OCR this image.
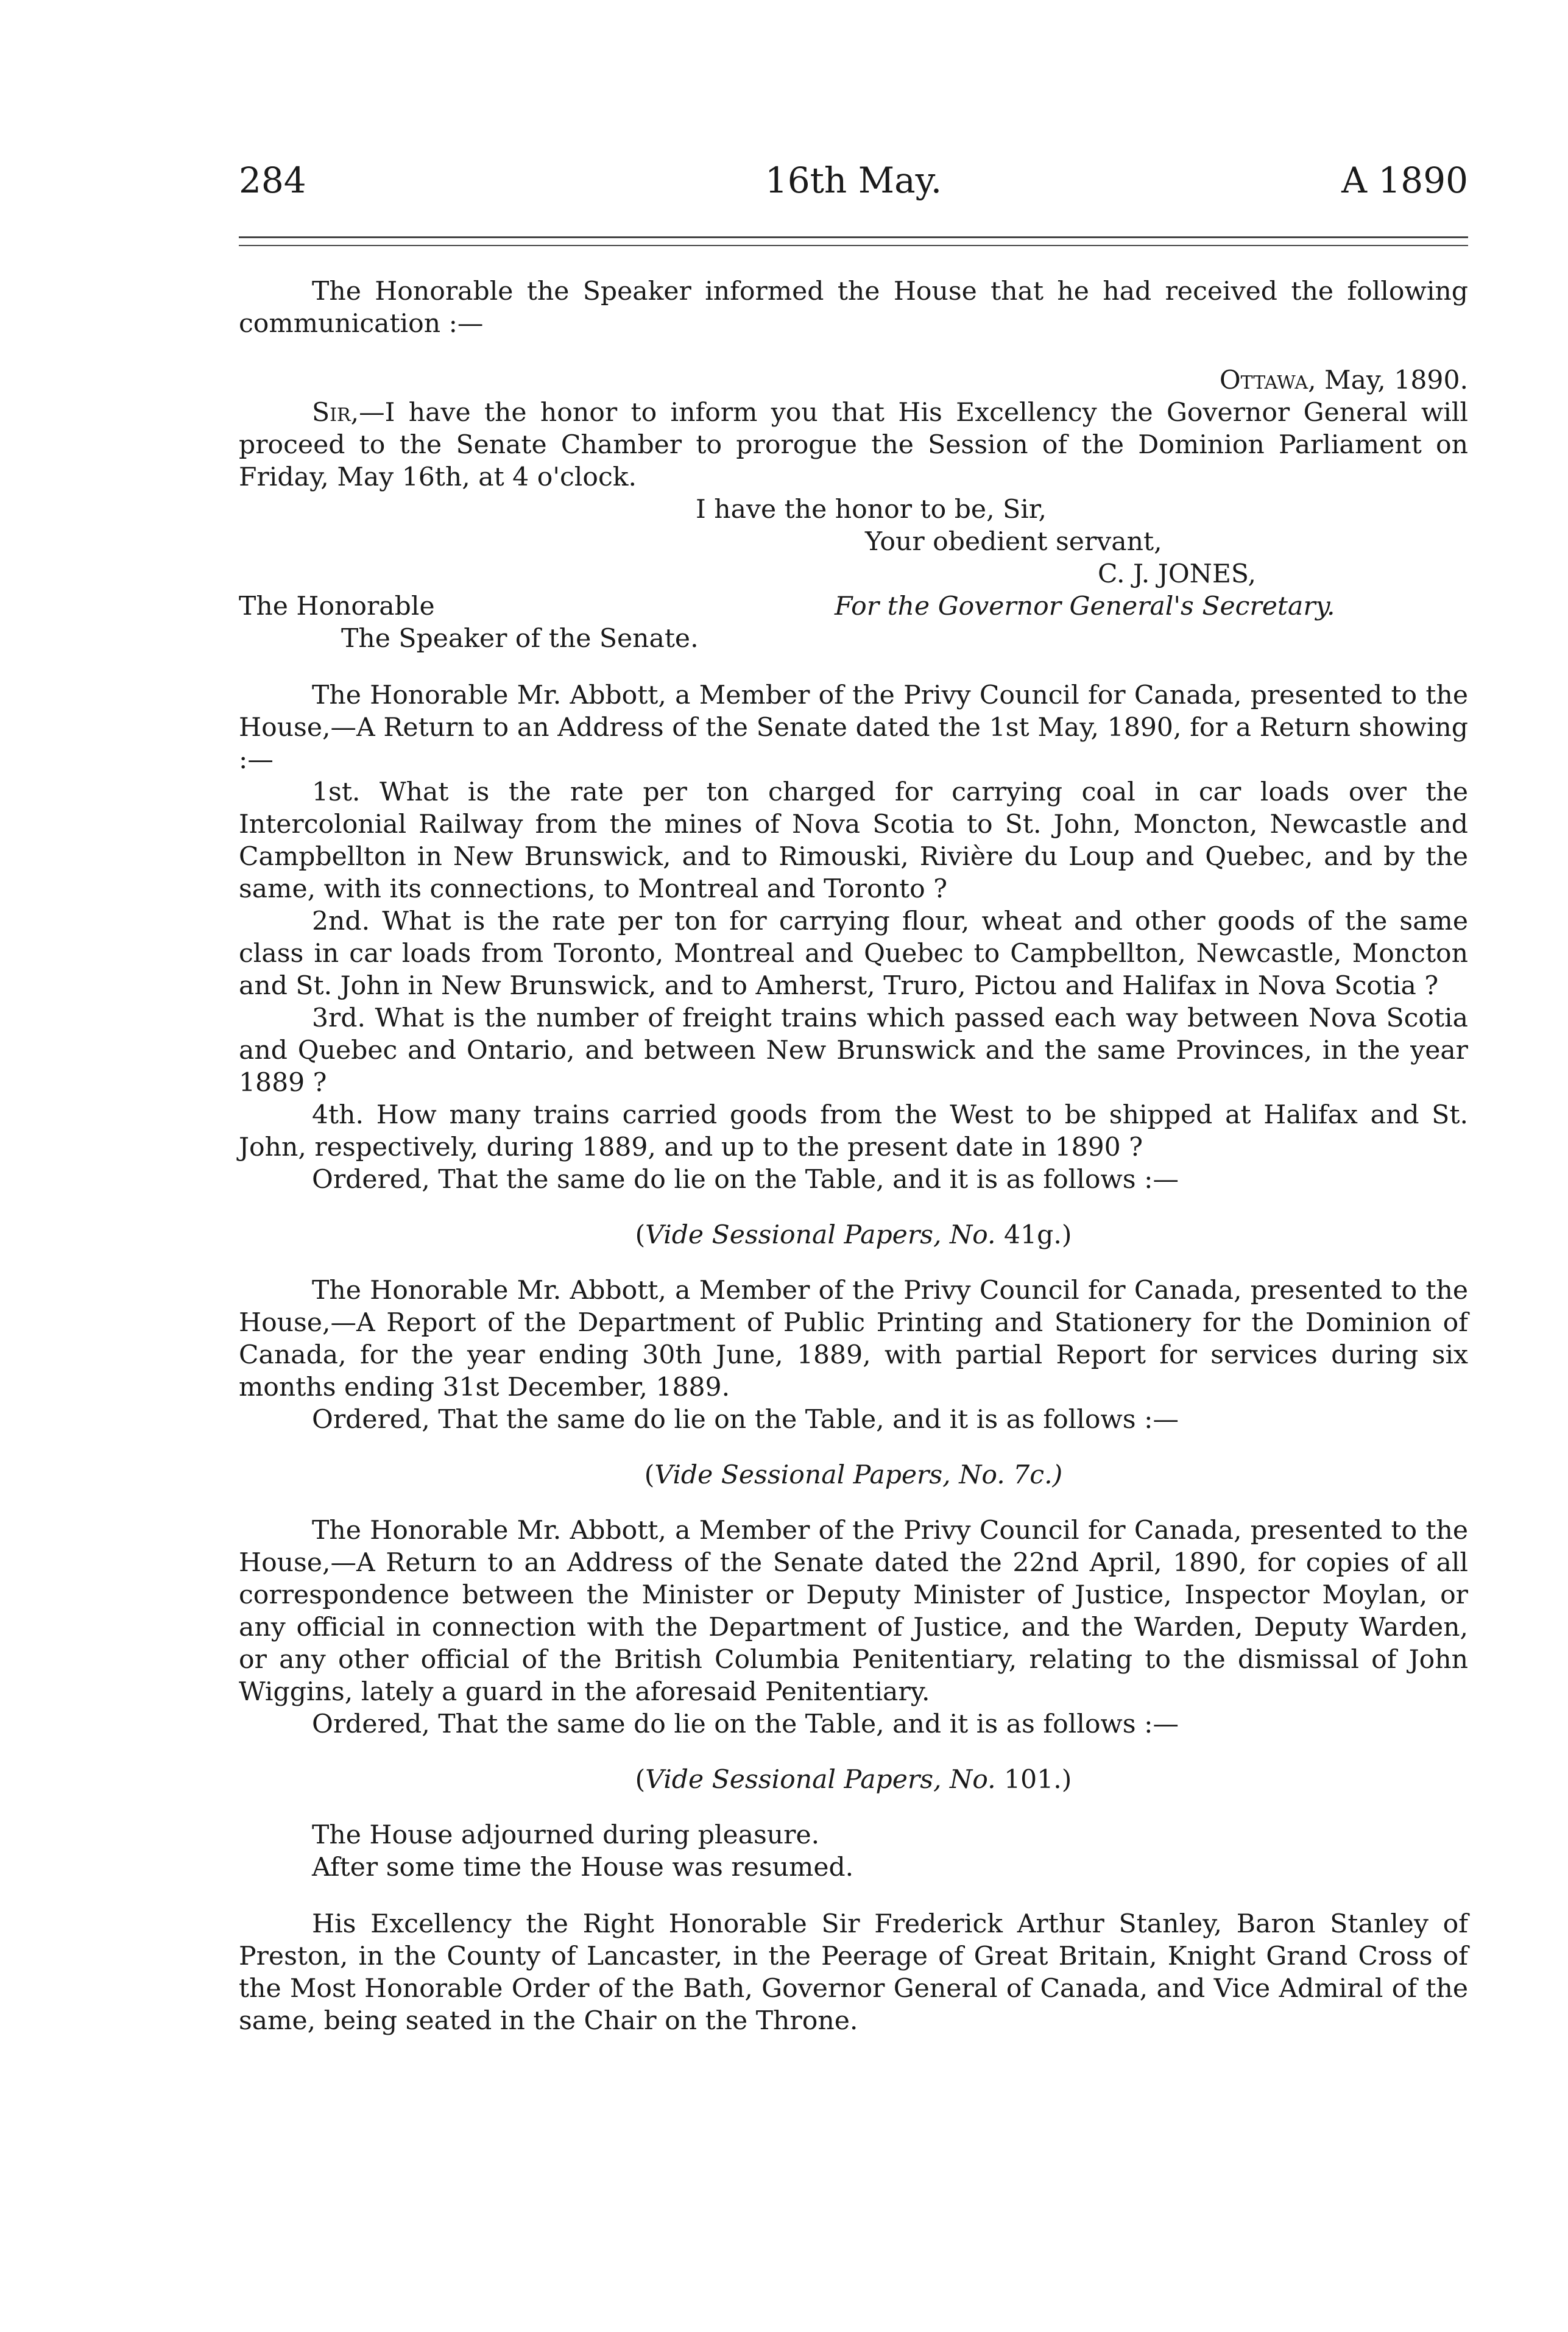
16th May.
284	A 1890

The Honorable the Speaker informed the House that he had received the following communication :—

Ottawa, May, 1890.

Sir,—I have the honor to inform you that His Excellency the Governor General will proceed to the Senate Chamber to prorogue the Session of the Dominion Parliament on Friday, May 16th, at 4 o'clock.

I have the honor to be, Sir,
Your obedient servant,
C. J. JONES,
The Honorable	For the Governor General's Secretary.
The Speaker of the Senate.

The Honorable Mr. Abbott, a Member of the Privy Council for Canada, presented to the House,—A Return to an Address of the Senate dated the 1st May, 1890, for a Return showing :—

1st. What is the rate per ton charged for carrying coal in car loads over the Intercolonial Railway from the mines of Nova Scotia to St. John, Moncton, Newcastle and Campbellton in New Brunswick, and to Rimouski, Rivière du Loup and Quebec, and by the same, with its connections, to Montreal and Toronto ?

2nd. What is the rate per ton for carrying flour, wheat and other goods of the same class in car loads from Toronto, Montreal and Quebec to Campbellton, Newcastle, Moncton and St. John in New Brunswick, and to Amherst, Truro, Pictou and Halifax in Nova Scotia ?

3rd. What is the number of freight trains which passed each way between Nova Scotia and Quebec and Ontario, and between New Brunswick and the same Provinces, in the year 1889 ?

4th. How many trains carried goods from the West to be shipped at Halifax and St. John, respectively, during 1889, and up to the present date in 1890 ?

Ordered, That the same do lie on the Table, and it is as follows :—

(Vide Sessional Papers, No. 41g.)

The Honorable Mr. Abbott, a Member of the Privy Council for Canada, presented to the House,—A Report of the Department of Public Printing and Stationery for the Dominion of Canada, for the year ending 30th June, 1889, with partial Report for services during six months ending 31st December, 1889.

Ordered, That the same do lie on the Table, and it is as follows :—

(Vide Sessional Papers, No. 7c.)

The Honorable Mr. Abbott, a Member of the Privy Council for Canada, presented to the House,—A Return to an Address of the Senate dated the 22nd April, 1890, for copies of all correspondence between the Minister or Deputy Minister of Justice, Inspector Moylan, or any official in connection with the Department of Justice, and the Warden, Deputy Warden, or any other official of the British Columbia Penitentiary, relating to the dismissal of John Wiggins, lately a guard in the aforesaid Penitentiary.

Ordered, That the same do lie on the Table, and it is as follows :—

(Vide Sessional Papers, No. 101.)

The House adjourned during pleasure.

After some time the House was resumed.

His Excellency the Right Honorable Sir Frederick Arthur Stanley, Baron Stanley of Preston, in the County of Lancaster, in the Peerage of Great Britain, Knight Grand Cross of the Most Honorable Order of the Bath, Governor General of Canada, and Vice Admiral of the same, being seated in the Chair on the Throne.
